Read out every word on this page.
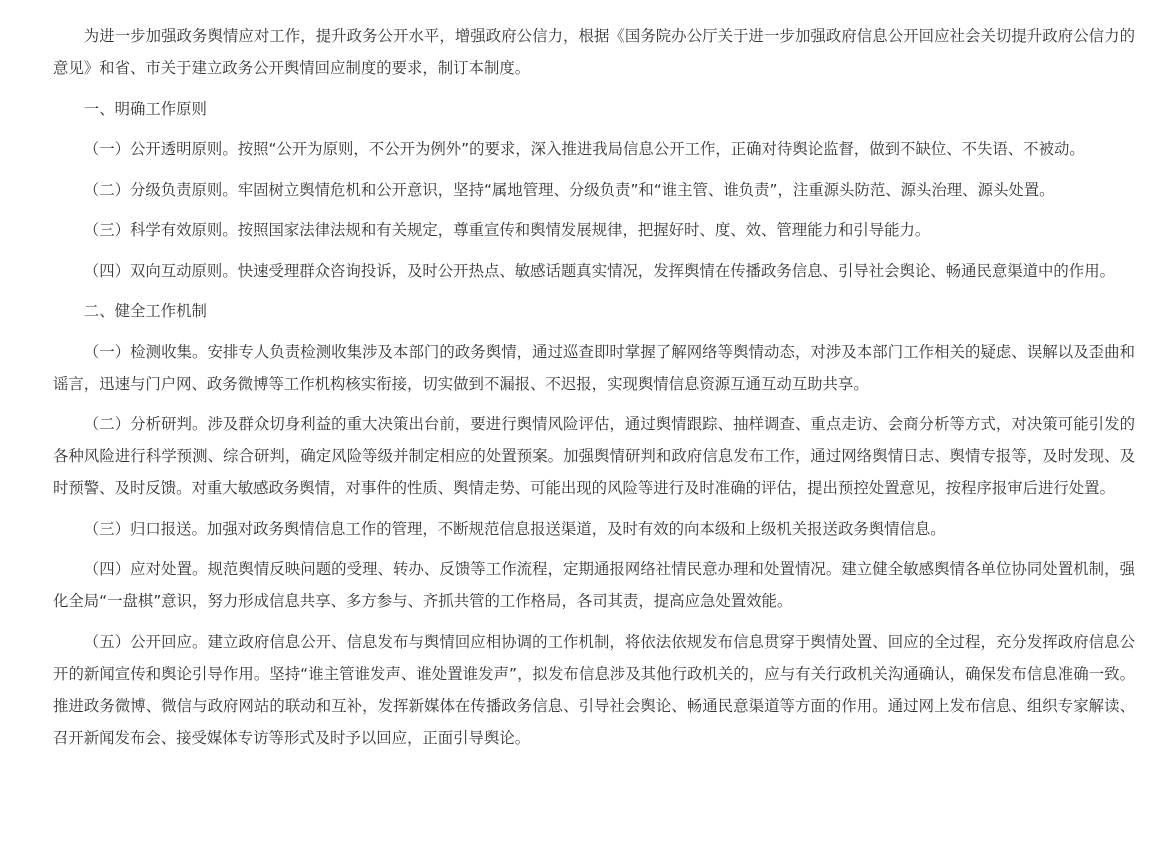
为进一步加强政务舆情应对工作，提升政务公开水平，增强政府公信力，根据《国务院办公厅关于进一步加强政府信息公开回应社会关切提升政府公信力的意见》和省、市关于建立政务公开舆情回应制度的要求，制订本制度。

一、明确工作原则

（一）公开透明原则。按照“公开为原则，不公开为例外”的要求，深入推进我局信息公开工作，正确对待舆论监督，做到不缺位、不失语、不被动。

（二）分级负责原则。牢固树立舆情危机和公开意识，坚持“属地管理、分级负责”和“谁主管、谁负责”，注重源头防范、源头治理、源头处置。

（三）科学有效原则。按照国家法律法规和有关规定，尊重宣传和舆情发展规律，把握好时、度、效、管理能力和引导能力。

（四）双向互动原则。快速受理群众咨询投诉，及时公开热点、敏感话题真实情况，发挥舆情在传播政务信息、引导社会舆论、畅通民意渠道中的作用。

二、健全工作机制

（一）检测收集。安排专人负责检测收集涉及本部门的政务舆情，通过巡查即时掌握了解网络等舆情动态，对涉及本部门工作相关的疑虑、误解以及歪曲和谣言，迅速与门户网、政务微博等工作机构核实衔接，切实做到不漏报、不迟报，实现舆情信息资源互通互动互助共享。

（二）分析研判。涉及群众切身利益的重大决策出台前，要进行舆情风险评估，通过舆情跟踪、抽样调查、重点走访、会商分析等方式，对决策可能引发的各种风险进行科学预测、综合研判，确定风险等级并制定相应的处置预案。加强舆情研判和政府信息发布工作，通过网络舆情日志、舆情专报等，及时发现、及时预警、及时反馈。对重大敏感政务舆情，对事件的性质、舆情走势、可能出现的风险等进行及时准确的评估，提出预控处置意见，按程序报审后进行处置。

（三）归口报送。加强对政务舆情信息工作的管理，不断规范信息报送渠道，及时有效的向本级和上级机关报送政务舆情信息。

（四）应对处置。规范舆情反映问题的受理、转办、反馈等工作流程，定期通报网络社情民意办理和处置情况。建立健全敏感舆情各单位协同处置机制，强化全局“一盘棋”意识，努力形成信息共享、多方参与、齐抓共管的工作格局，各司其责，提高应急处置效能。

（五）公开回应。建立政府信息公开、信息发布与舆情回应相协调的工作机制，将依法依规发布信息贯穿于舆情处置、回应的全过程，充分发挥政府信息公开的新闻宣传和舆论引导作用。坚持“谁主管谁发声、谁处置谁发声”，拟发布信息涉及其他行政机关的，应与有关行政机关沟通确认，确保发布信息准确一致。推进政务微博、微信与政府网站的联动和互补，发挥新媒体在传播政务信息、引导社会舆论、畅通民意渠道等方面的作用。通过网上发布信息、组织专家解读、召开新闻发布会、接受媒体专访等形式及时予以回应，正面引导舆论。
